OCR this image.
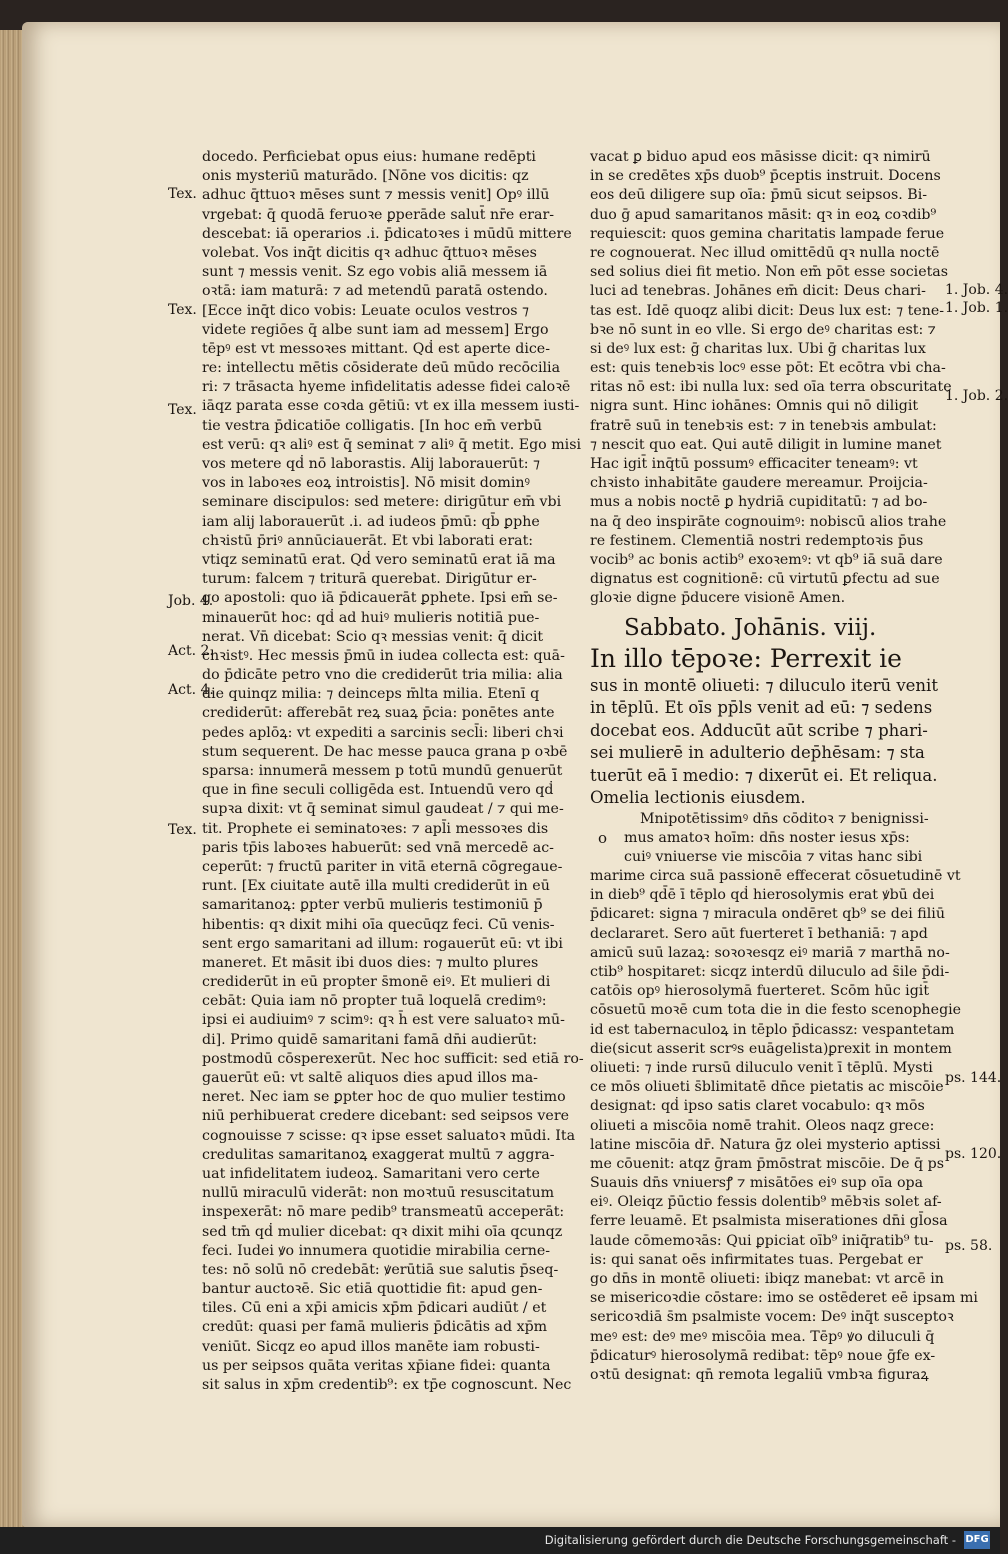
docedo. Perficiebat opus eius: humane redēpti
onis mysteriū maturādo. [Nōne vos dicitis: qz
adhuc q̄ttuoꝛ mēses sunt ⁊ messis venit] Opꝰ illū
vrgebat: q̄ quodā feruoꝛe ꝑperāde salut̄ nr̄e erar-
descebat: iā operarios .i. p̄dicatoꝛes i mūdū mittere
volebat. Vos inq̄t dicitis qꝛ adhuc q̄ttuoꝛ mēses
sunt ⁊ messis venit. Sz ego vobis aliā messem iā
oꝛtā: iam maturā: ⁊ ad metendū paratā ostendo.
[Ecce inq̄t dico vobis: Leuate oculos vestros ⁊
videte regiōes q̄ albe sunt iam ad messem] Ergo
tēpꝰ est vt messoꝛes mittant. Qḋ est aperte dice-
re: intellectu mētis cōsiderate deū mūdo recōcilia
ri: ⁊ trāsacta hyeme infidelitatis adesse fidei caloꝛē
iāqz parata esse coꝛda gētiū: vt ex illa messem iusti-
tie vestra p̄dicatiōe colligatis. [In hoc em̄ verbū
est verū: qꝛ aliꝰ est q̄ seminat ⁊ aliꝰ q̄ metit. Ego misi
vos metere qḋ nō laborastis. Alij laborauerūt: ⁊
vos in laboꝛes eoꝝ introistis]. Nō misit dominꝰ
seminare discipulos: sed metere: dirigūtur em̄ vbi
iam alij laborauerūt .i. ad iudeos p̄mū: qb̄ ꝑphe
chꝛistū p̄riꝰ annūciauerāt. Et vbi laborati erat:
vtiqz seminatū erat. Qḋ vero seminatū erat iā ma
turum: falcem ⁊ triturā querebat. Dirigūtur er-
go apostoli: quo iā p̄dicauerāt ꝑphete. Ipsi em̄ se-
minauerūt hoc: qḋ ad huiꝰ mulieris notitiā pue-
nerat. Vn̄ dicebat: Scio qꝛ messias venit: q̄ dicit
chꝛistꝰ. Hec messis p̄mū in iudea collecta est: quā-
do p̄dicāte petro vno die crediderūt tria milia: alia
die quinqz milia: ⁊ deinceps m̄lta milia. Etenī q
crediderūt: afferebāt reꝝ suaꝝ p̄cia: ponētes ante
pedes aplōꝝ: vt expediti a sarcinis secl̄i: liberi chꝛi
stum sequerent. De hac messe pauca grana p oꝛbē
sparsa: innumerā messem p totū mundū genuerūt
que in fine seculi colligēda est. Intuendū vero qḋ
supꝛa dixit: vt q̄ seminat simul gaudeat / ⁊ qui me-
tit. Prophete ei seminatoꝛes: ⁊ apl̄i messoꝛes dis
paris tp̄is laboꝛes habuerūt: sed vnā mercedē ac-
ceperūt: ⁊ fructū pariter in vitā eternā cōgregaue-
runt. [Ex ciuitate autē illa multi crediderūt in eū
samaritanoꝝ: ꝑpter verbū mulieris testimoniū p̄
hibentis: qꝛ dixit mihi oīa quecūqz feci. Cū venis-
sent ergo samaritani ad illum: rogauerūt eū: vt ibi
maneret. Et māsit ibi duos dies: ⁊ multo plures
crediderūt in eū propter s̄monē eiꝰ. Et mulieri di
cebāt: Quia iam nō propter tuā loquelā credimꝰ:
ipsi ei audiuimꝰ ⁊ scimꝰ: qꝛ h̄ est vere saluatoꝛ mū-
di]. Primo quidē samaritani famā dn̄i audierūt:
postmodū cōsperexerūt. Nec hoc sufficit: sed etiā ro-
gauerūt eū: vt saltē aliquos dies apud illos ma-
neret. Nec iam se ꝑpter hoc de quo mulier testimo
niū perhibuerat credere dicebant: sed seipsos vere
cognouisse ⁊ scisse: qꝛ ipse esset saluatoꝛ mūdi. Ita
credulitas samaritanoꝝ exaggerat multū ⁊ aggra-
uat infidelitatem iudeoꝝ. Samaritani vero certe
nullū miraculū viderāt: non moꝛtuū resuscitatum
inspexerāt: nō mare pedib⁹ transmeatū acceperāt:
sed tm̄ qḋ mulier dicebat: qꝛ dixit mihi oīa qcunqz
feci. Iudei ꝟo innumera quotidie mirabilia cerne-
tes: nō solū nō credebāt: ꝟerūtiā sue salutis p̄seq-
bantur auctoꝛē. Sic etiā quottidie fit: apud gen-
tiles. Cū eni a xp̄i amicis xp̄m p̄dicari audiūt / et
credūt: quasi per famā mulieris p̄dicātis ad xp̄m
veniūt. Sicqz eo apud illos manēte iam robusti-
us per seipsos quāta veritas xp̄iane fidei: quanta
sit salus in xp̄m credentib⁹: ex tp̄e cognoscunt. Nec
Tex.
Tex.
Tex.
Job. 4.
Act. 2.
Act. 4.
Tex.
vacat ꝑ biduo apud eos māsisse dicit: qꝛ nimirū
in se credētes xp̄s duob⁹ p̄ceptis instruit. Docens
eos deū diligere sup oīa: p̄mū sicut seipsos. Bi-
duo ḡ apud samaritanos māsit: qꝛ in eoꝝ coꝛdib⁹
requiescit: quos gemina charitatis lampade ferue
re cognouerat. Nec illud omittēdū qꝛ nulla noctē
sed solius diei fit metio. Non em̄ pōt esse societas
luci ad tenebras. Johānes em̄ dicit: Deus chari-
tas est. Idē quoqz alibi dicit: Deus lux est: ⁊ tene-
bꝛe nō sunt in eo vlle. Si ergo deꝰ charitas est: ⁊
si deꝰ lux est: ḡ charitas lux. Ubi ḡ charitas lux
est: quis tenebꝛis locꝰ esse pōt: Et ecōtra vbi cha-
ritas nō est: ibi nulla lux: sed oīa terra obscuritate
nigra sunt. Hinc iohānes: Omnis qui nō diligit
fratrē suū in tenebꝛis est: ⁊ in tenebꝛis ambulat:
⁊ nescit quo eat. Qui autē diligit in lumine manet
Hac igit̄ inq̄tū possumꝰ efficaciter teneamꝰ: vt
chꝛisto inhabitāte gaudere mereamur. Proijcia-
mus a nobis noctē ꝑ hydriā cupiditatū: ⁊ ad bo-
na q̄ deo inspirāte cognouimꝰ: nobiscū alios trahe
re festinem. Clementiā nostri redemptoꝛis p̄us
vocib⁹ ac bonis actib⁹ exoꝛemꝰ: vt qb⁹ iā suā dare
dignatus est cognitionē: cū virtutū ꝑfectu ad sue
gloꝛie digne p̄ducere visionē Amen.
Sabbato. Johānis. viij.
In illo tēpoꝛe: Perrexit ie
sus in montē oliueti: ⁊ diluculo iterū venit
in tēplū. Et oīs pp̄ls venit ad eū: ⁊ sedens
docebat eos. Adducūt aūt scribe ⁊ phari-
sei mulierē in adulterio dep̄hēsam: ⁊ sta
tuerūt eā ī medio: ⁊ dixerūt ei. Et reliqua.
Omelia lectionis eiusdem.
o
Mnipotētissimꝰ dn̄s cōditoꝛ ⁊ benignissi-
mus amatoꝛ hoīm: dn̄s noster iesus xp̄s:
cuiꝰ vniuerse vie miscōia ⁊ vitas hanc sibi
marime circa suā passionē effecerat cōsuetudinē vt
in dieb⁹ qd̄ē ī tēplo qḋ hierosolymis erat ꝟbū dei
p̄dicaret: signa ⁊ miracula ondēret qb⁹ se dei filiū
declararet. Sero aūt fuerteret ī bethaniā: ⁊ apd
amicū suū lazaꝝ: soꝛoꝛesqz eiꝰ mariā ⁊ marthā no-
ctib⁹ hospitaret: sicqz interdū diluculo ad s̄ile p̄di-
catōis opꝰ hierosolymā fuerteret. Scōm hūc igit̄
cōsuetū moꝛē cum tota die in die festo scenophegie
id est tabernaculoꝝ in tēplo p̄dicassz: vespantetam
die(sicut asserit scrꝰs euāgelista)ꝑrexit in montem
oliueti: ⁊ inde rursū diluculo venit ī tēplū. Mysti
ce mōs oliueti s̄blimitatē dn̄ce pietatis ac miscōie
designat: qḋ ipso satis claret vocabulo: qꝛ mōs
oliueti a miscōia nomē trahit. Oleos naqz grece:
latine miscōia dr̄. Natura ḡz olei mysterio aptissi
me cōuenit: atqz ḡram p̄mōstrat miscōie. De q̄ ps
Suauis dn̄s vniuersꝭ ⁊ misātōes eiꝰ sup oīa opa
eiꝰ. Oleiqz p̄ūctio fessis dolentib⁹ mēbꝛis solet af-
ferre leuamē. Et psalmista miserationes dn̄i gl̄osa
laude cōmemoꝛās: Qui ꝑpiciat oīb⁹ iniq̄ratib⁹ tu-
is: qui sanat oēs infirmitates tuas. Pergebat er
go dn̄s in montē oliueti: ibiqz manebat: vt arcē in
se misericoꝛdie cōstare: imo se ostēderet eē ipsam mi
sericoꝛdiā s̄m psalmiste vocem: Deꝰ inq̄t susceptoꝛ
meꝰ est: deꝰ meꝰ miscōia mea. Tēpꝰ ꝟo diluculi q̄
p̄dicaturꝰ hierosolymā redibat: tēpꝰ noue ḡfe ex-
oꝛtū designat: qn̄ remota legaliū vmbꝛa figuraꝝ
1. Job. 4.
1. Job. 1.
1. Job. 2.
ps. 144.
ps. 120.
ps. 58.
Digitalisierung gefördert durch die Deutsche Forschungsgemeinschaft - DFG
